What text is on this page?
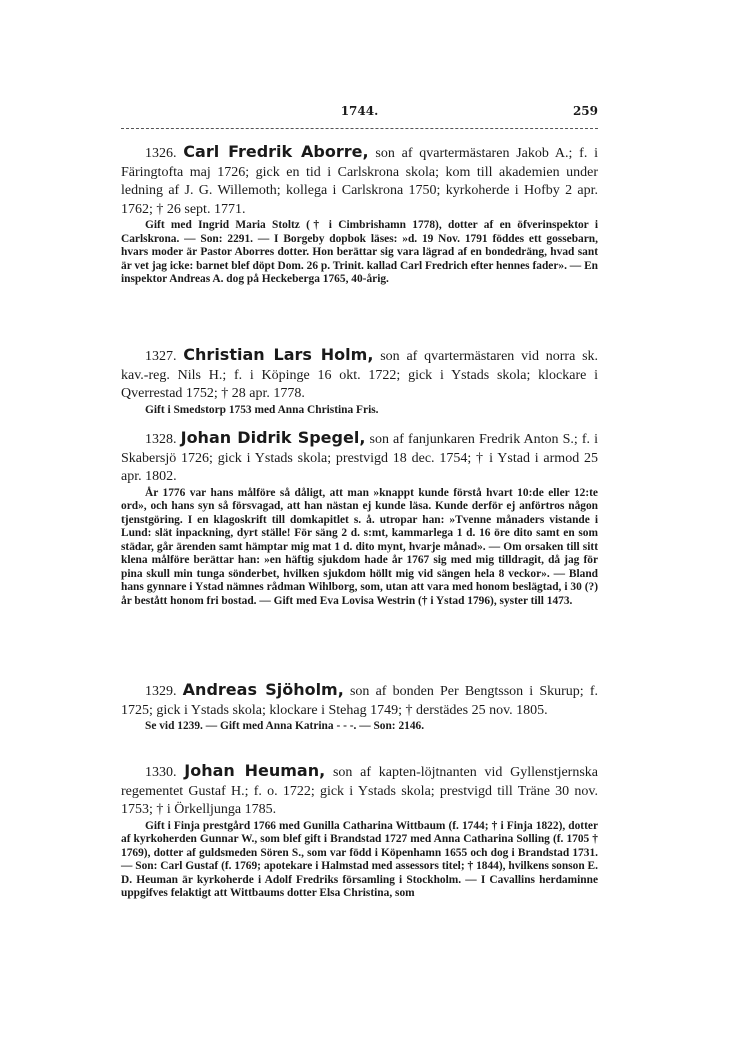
1744.	259

1326. Carl Fredrik Aborre, son af qvartermästaren Jakob A.; f. i Färingtofta maj 1726; gick en tid i Carlskrona skola; kom till akademien under ledning af J. G. Willemoth; kollega i Carlskrona 1750; kyrkoherde i Hofby 2 apr. 1762; † 26 sept. 1771.

Gift med Ingrid Maria Stoltz († i Cimbrishamn 1778), dotter af en öfverinspektor i Carlskrona. — Son: 2291. — I Borgeby dopbok läses: »d. 19 Nov. 1791 föddes ett gossebarn, hvars moder är Pastor Aborres dotter. Hon berättar sig vara lägrad af en bondedräng, hvad sant är vet jag icke: barnet blef döpt Dom. 26 p. Trinit. kallad Carl Fredrich efter hennes fader». — En inspektor Andreas A. dog på Heckeberga 1765, 40-årig.

1327. Christian Lars Holm, son af qvartermästaren vid norra sk. kav.-reg. Nils H.; f. i Köpinge 16 okt. 1722; gick i Ystads skola; klockare i Qverrestad 1752; † 28 apr. 1778.

Gift i Smedstorp 1753 med Anna Christina Fris.

1328. Johan Didrik Spegel, son af fanjunkaren Fredrik Anton S.; f. i Skabersjö 1726; gick i Ystads skola; prestvigd 18 dec. 1754; † i Ystad i armod 25 apr. 1802.

År 1776 var hans målföre så dåligt, att man »knappt kunde förstå hvart 10:de eller 12:te ord», och hans syn så försvagad, att han nästan ej kunde läsa. Kunde derför ej anförtros någon tjenstgöring. I en klagoskrift till domkapitlet s. å. utropar han: »Tvenne månaders vistande i Lund: slät inpackning, dyrt ställe! För säng 2 d. s:mt, kammarlega 1 d. 16 öre dito samt en som städar, går ärenden samt hämptar mig mat 1 d. dito mynt, hvarje månad». — Om orsaken till sitt klena målföre berättar han: »en häftig sjukdom hade år 1767 sig med mig tilldragit, då jag för pina skull min tunga sönderbet, hvilken sjukdom höllt mig vid sängen hela 8 veckor». — Bland hans gynnare i Ystad nämnes rådman Wihlborg, som, utan att vara med honom beslägtad, i 30 (?) år bestått honom fri bostad. — Gift med Eva Lovisa Westrin († i Ystad 1796), syster till 1473.

1329. Andreas Sjöholm, son af bonden Per Bengtsson i Skurup; f. 1725; gick i Ystads skola; klockare i Stehag 1749; † derstädes 25 nov. 1805.

Se vid 1239. — Gift med Anna Katrina - - -. — Son: 2146.

1330. Johan Heuman, son af kapten-löjtnanten vid Gyllenstjernska regementet Gustaf H.; f. o. 1722; gick i Ystads skola; prestvigd till Träne 30 nov. 1753; † i Örkelljunga 1785.

Gift i Finja prestgård 1766 med Gunilla Catharina Wittbaum (f. 1744; † i Finja 1822), dotter af kyrkoherden Gunnar W., som blef gift i Brandstad 1727 med Anna Catharina Solling (f. 1705 † 1769), dotter af guldsmeden Sören S., som var född i Köpenhamn 1655 och dog i Brandstad 1731. — Son: Carl Gustaf (f. 1769; apotekare i Halmstad med assessors titel; † 1844), hvilkens sonson E. D. Heuman är kyrkoherde i Adolf Fredriks församling i Stockholm. — I Cavallins herdaminne uppgifves felaktigt att Wittbaums dotter Elsa Christina, som
